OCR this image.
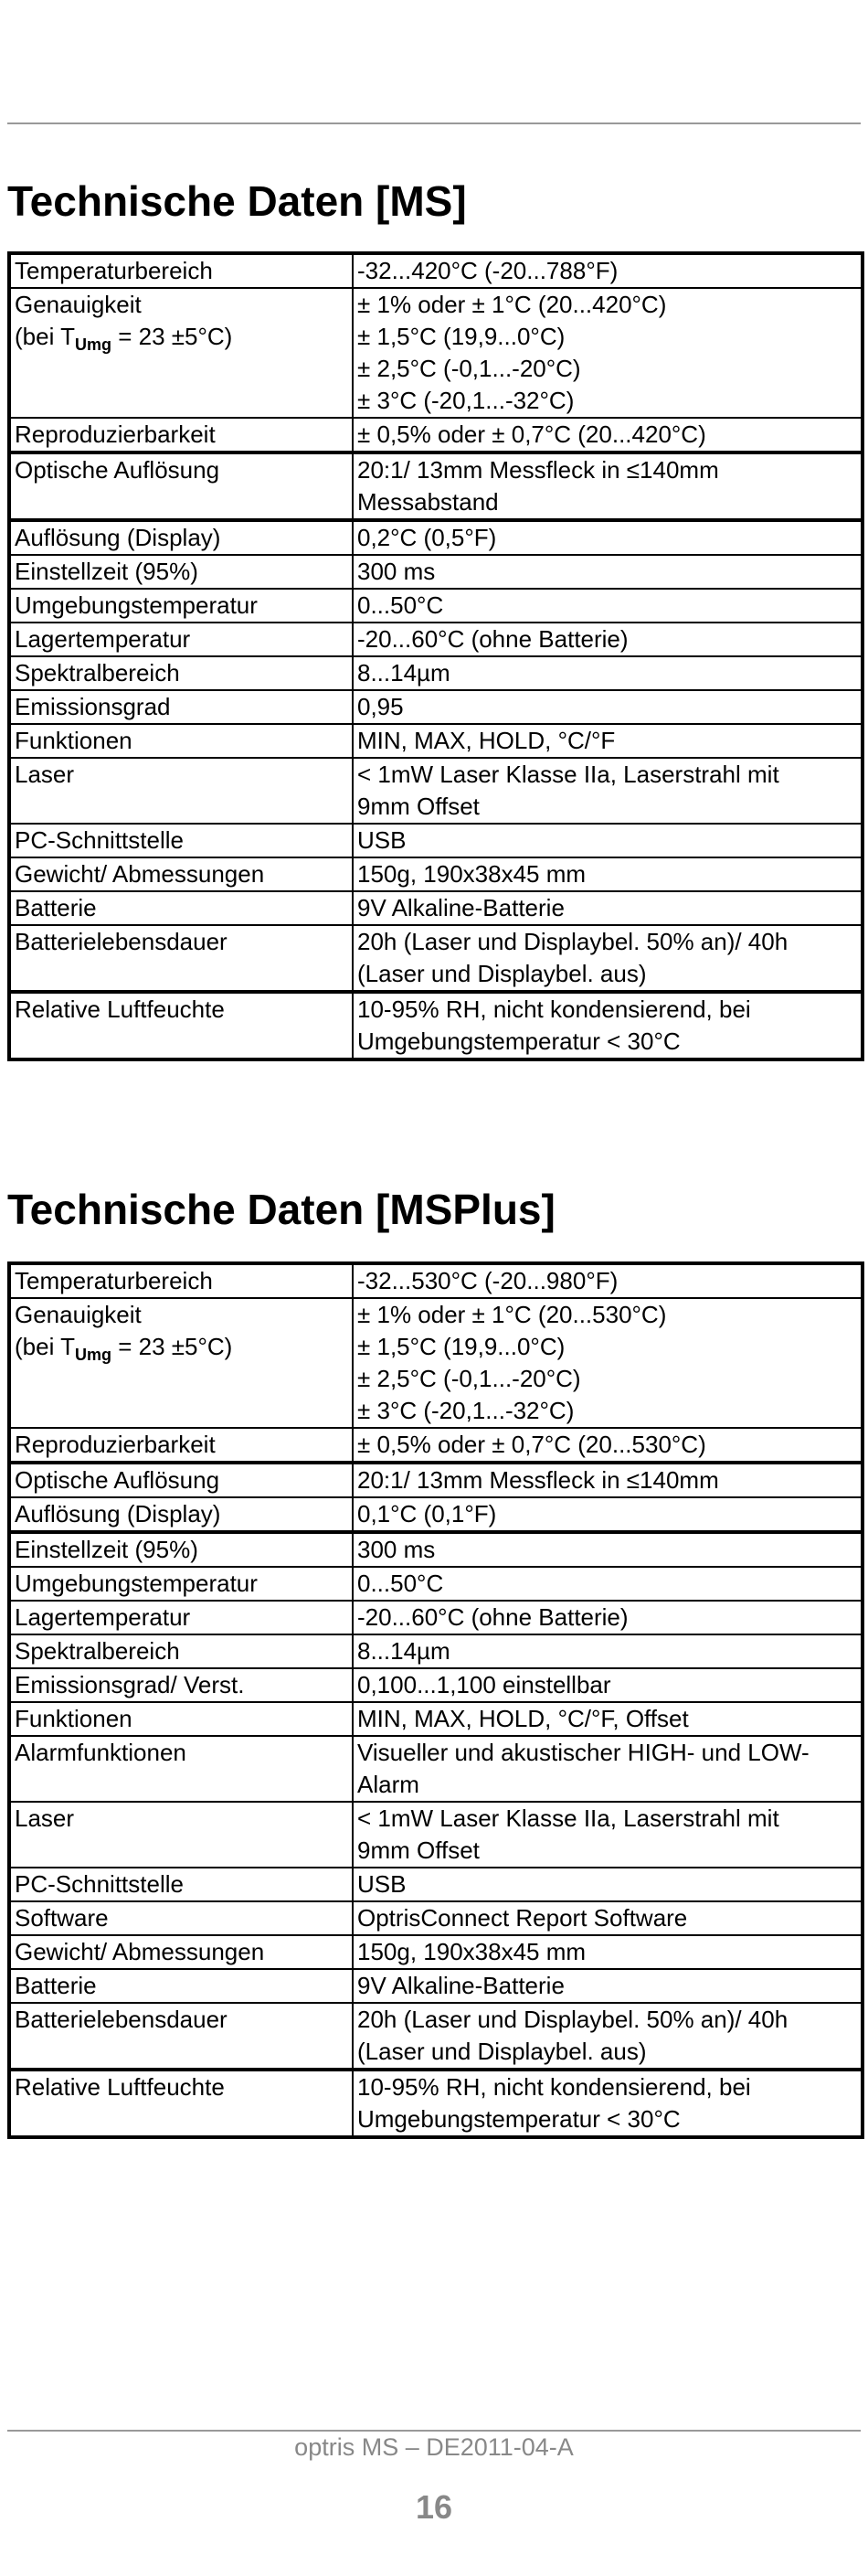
Technische Daten [MS]
Temperaturbereich	-32...420°C (-20...788°F)

Genauigkeit
(bei $T_{Umg} = 23 \pm 5^\circ C$)	± 1% oder ± 1°C (20...420°C)
± 1,5°C (19,9...0°C)
± 2,5°C (-0,1...-20°C)
± 3°C (-20,1...-32°C)

Reproduzierbarkeit	± 0,5% oder ± 0,7°C (20...420°C)

Optische Auflösung	20:1/ 13mm Messfleck in ≤140mm
Messabstand

Auflösung (Display)	0,2°C (0,5°F)

Einstellzeit (95%)	300 ms

Umgebungstemperatur	0...50°C

Lagertemperatur	-20...60°C (ohne Batterie)

Spektralbereich	8...14µm

Emissionsgrad	0,95

Funktionen	MIN, MAX, HOLD, °C/°F

Laser	< 1mW Laser Klasse IIa, Laserstrahl mit
9mm Offset

PC-Schnittstelle	USB

Gewicht/ Abmessungen	150g, 190x38x45 mm

Batterie	9V Alkaline-Batterie

Batterielebensdauer	20h (Laser und Displaybel. 50% an)/ 40h
(Laser und Displaybel. aus)

Relative Luftfeuchte	10-95% RH, nicht kondensierend, bei
Umgebungstemperatur < 30°C
Technische Daten [MSPlus]
Temperaturbereich	-32...530°C (-20...980°F)

Genauigkeit
(bei $T_{Umg} = 23 \pm 5^\circ C$)	± 1% oder ± 1°C (20...530°C)
± 1,5°C (19,9...0°C)
± 2,5°C (-0,1...-20°C)
± 3°C (-20,1...-32°C)

Reproduzierbarkeit	± 0,5% oder ± 0,7°C (20...530°C)

Optische Auflösung	20:1/ 13mm Messfleck in ≤140mm

Auflösung (Display)	0,1°C (0,1°F)

Einstellzeit (95%)	300 ms

Umgebungstemperatur	0...50°C

Lagertemperatur	-20...60°C (ohne Batterie)

Spektralbereich	8...14µm

Emissionsgrad/ Verst.	0,100...1,100 einstellbar

Funktionen	MIN, MAX, HOLD, °C/°F, Offset

Alarmfunktionen	Visueller und akustischer HIGH- und LOW-
Alarm

Laser	< 1mW Laser Klasse IIa, Laserstrahl mit
9mm Offset

PC-Schnittstelle	USB

Software	OptrisConnect Report Software

Gewicht/ Abmessungen	150g, 190x38x45 mm

Batterie	9V Alkaline-Batterie

Batterielebensdauer	20h (Laser und Displaybel. 50% an)/ 40h
(Laser und Displaybel. aus)

Relative Luftfeuchte	10-95% RH, nicht kondensierend, bei
Umgebungstemperatur < 30°C
optris MS – DE2011-04-A
16
